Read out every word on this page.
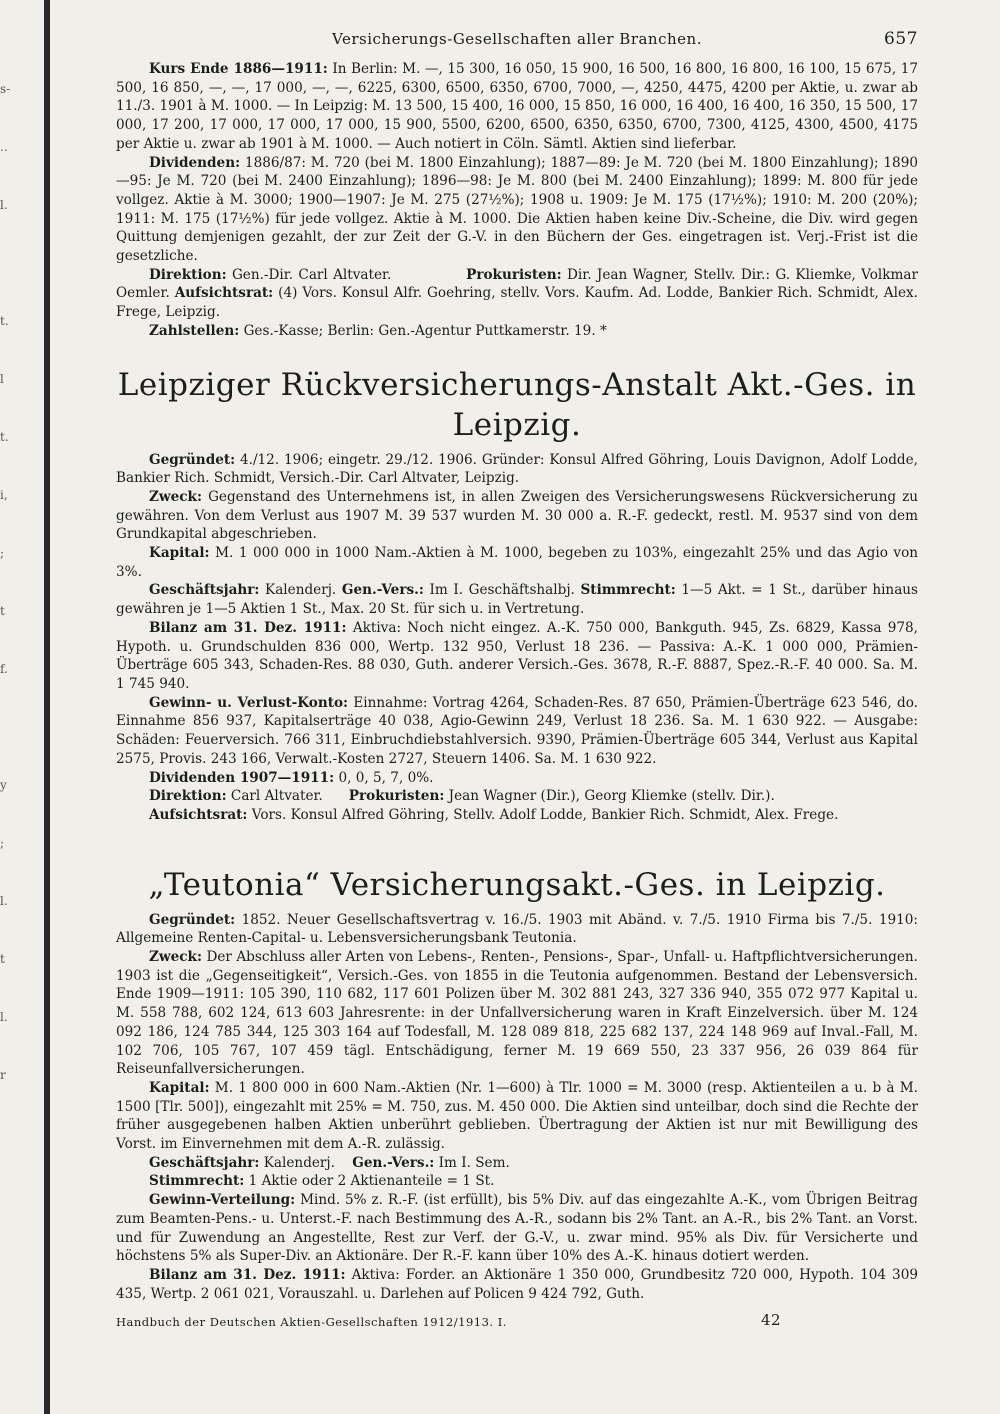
s-
..
l.

t.
l
t.
i,
;
t
f.

y
;
l.
t
l.
r

Versicherungs-Gesellschaften aller Branchen.	657

Kurs Ende 1886—1911: In Berlin: M. —, 15 300, 16 050, 15 900, 16 500, 16 800, 16 800, 16 100, 15 675, 17 500, 16 850, —, —, 17 000, —, —, 6225, 6300, 6500, 6350, 6700, 7000, —, 4250, 4475, 4200 per Aktie, u. zwar ab 11./3. 1901 à M. 1000. — In Leipzig: M. 13 500, 15 400, 16 000, 15 850, 16 000, 16 400, 16 400, 16 350, 15 500, 17 000, 17 200, 17 000, 17 000, 17 000, 15 900, 5500, 6200, 6500, 6350, 6350, 6700, 7300, 4125, 4300, 4500, 4175 per Aktie u. zwar ab 1901 à M. 1000. — Auch notiert in Cöln. Sämtl. Aktien sind lieferbar.

Dividenden: 1886/87: M. 720 (bei M. 1800 Einzahlung); 1887—89: Je M. 720 (bei M. 1800 Einzahlung); 1890—95: Je M. 720 (bei M. 2400 Einzahlung); 1896—98: Je M. 800 (bei M. 2400 Einzahlung); 1899: M. 800 für jede vollgez. Aktie à M. 3000; 1900—1907: Je M. 275 (27½%); 1908 u. 1909: Je M. 175 (17½%); 1910: M. 200 (20%); 1911: M. 175 (17½%) für jede vollgez. Aktie à M. 1000. Die Aktien haben keine Div.-Scheine, die Div. wird gegen Quittung demjenigen gezahlt, der zur Zeit der G.-V. in den Büchern der Ges. eingetragen ist. Verj.-Frist ist die gesetzliche.

Direktion: Gen.-Dir. Carl Altvater.	Prokuristen: Dir. Jean Wagner, Stellv. Dir.: G. Kliemke, Volkmar Oemler. Aufsichtsrat: (4) Vors. Konsul Alfr. Goehring, stellv. Vors. Kaufm. Ad. Lodde, Bankier Rich. Schmidt, Alex. Frege, Leipzig.

Zahlstellen: Ges.-Kasse; Berlin: Gen.-Agentur Puttkamerstr. 19. *

Leipziger Rückversicherungs-Anstalt Akt.-Ges. in Leipzig.

Gegründet: 4./12. 1906; eingetr. 29./12. 1906. Gründer: Konsul Alfred Göhring, Louis Davignon, Adolf Lodde, Bankier Rich. Schmidt, Versich.-Dir. Carl Altvater, Leipzig.

Zweck: Gegenstand des Unternehmens ist, in allen Zweigen des Versicherungswesens Rückversicherung zu gewähren. Von dem Verlust aus 1907 M. 39 537 wurden M. 30 000 a. R.-F. gedeckt, restl. M. 9537 sind von dem Grundkapital abgeschrieben.

Kapital: M. 1 000 000 in 1000 Nam.-Aktien à M. 1000, begeben zu 103%, eingezahlt 25% und das Agio von 3%.

Geschäftsjahr: Kalenderj. Gen.-Vers.: Im I. Geschäftshalbj. Stimmrecht: 1—5 Akt. = 1 St., darüber hinaus gewähren je 1—5 Aktien 1 St., Max. 20 St. für sich u. in Vertretung.

Bilanz am 31. Dez. 1911: Aktiva: Noch nicht eingez. A.-K. 750 000, Bankguth. 945, Zs. 6829, Kassa 978, Hypoth. u. Grundschulden 836 000, Wertp. 132 950, Verlust 18 236. — Passiva: A.-K. 1 000 000, Prämien-Überträge 605 343, Schaden-Res. 88 030, Guth. anderer Versich.-Ges. 3678, R.-F. 8887, Spez.-R.-F. 40 000. Sa. M. 1 745 940.

Gewinn- u. Verlust-Konto: Einnahme: Vortrag 4264, Schaden-Res. 87 650, Prämien-Überträge 623 546, do. Einnahme 856 937, Kapitalserträge 40 038, Agio-Gewinn 249, Verlust 18 236. Sa. M. 1 630 922. — Ausgabe: Schäden: Feuerversich. 766 311, Einbruchdiebstahlversich. 9390, Prämien-Überträge 605 344, Verlust aus Kapital 2575, Provis. 243 166, Verwalt.-Kosten 2727, Steuern 1406. Sa. M. 1 630 922.

Dividenden 1907—1911: 0, 0, 5, 7, 0%.

Direktion: Carl Altvater. Prokuristen: Jean Wagner (Dir.), Georg Kliemke (stellv. Dir.).

Aufsichtsrat: Vors. Konsul Alfred Göhring, Stellv. Adolf Lodde, Bankier Rich. Schmidt, Alex. Frege.

„Teutonia“ Versicherungsakt.-Ges. in Leipzig.

Gegründet: 1852. Neuer Gesellschaftsvertrag v. 16./5. 1903 mit Abänd. v. 7./5. 1910 Firma bis 7./5. 1910: Allgemeine Renten-Capital- u. Lebensversicherungsbank Teutonia.

Zweck: Der Abschluss aller Arten von Lebens-, Renten-, Pensions-, Spar-, Unfall- u. Haftpflichtversicherungen. 1903 ist die „Gegenseitigkeit“, Versich.-Ges. von 1855 in die Teutonia aufgenommen. Bestand der Lebensversich. Ende 1909—1911: 105 390, 110 682, 117 601 Polizen über M. 302 881 243, 327 336 940, 355 072 977 Kapital u. M. 558 788, 602 124, 613 603 Jahresrente: in der Unfallversicherung waren in Kraft Einzelversich. über M. 124 092 186, 124 785 344, 125 303 164 auf Todesfall, M. 128 089 818, 225 682 137, 224 148 969 auf Inval.-Fall, M. 102 706, 105 767, 107 459 tägl. Entschädigung, ferner M. 19 669 550, 23 337 956, 26 039 864 für Reiseunfallversicherungen.

Kapital: M. 1 800 000 in 600 Nam.-Aktien (Nr. 1—600) à Tlr. 1000 = M. 3000 (resp. Aktienteilen a u. b à M. 1500 [Tlr. 500]), eingezahlt mit 25% = M. 750, zus. M. 450 000. Die Aktien sind unteilbar, doch sind die Rechte der früher ausgegebenen halben Aktien unberührt geblieben. Übertragung der Aktien ist nur mit Bewilligung des Vorst. im Einvernehmen mit dem A.-R. zulässig.

Geschäftsjahr: Kalenderj. Gen.-Vers.: Im I. Sem.

Stimmrecht: 1 Aktie oder 2 Aktienanteile = 1 St.

Gewinn-Verteilung: Mind. 5% z. R.-F. (ist erfüllt), bis 5% Div. auf das eingezahlte A.-K., vom Übrigen Beitrag zum Beamten-Pens.- u. Unterst.-F. nach Bestimmung des A.-R., sodann bis 2% Tant. an A.-R., bis 2% Tant. an Vorst. und für Zuwendung an Angestellte, Rest zur Verf. der G.-V., u. zwar mind. 95% als Div. für Versicherte und höchstens 5% als Super-Div. an Aktionäre. Der R.-F. kann über 10% des A.-K. hinaus dotiert werden.

Bilanz am 31. Dez. 1911: Aktiva: Forder. an Aktionäre 1 350 000, Grundbesitz 720 000, Hypoth. 104 309 435, Wertp. 2 061 021, Vorauszahl. u. Darlehen auf Policen 9 424 792, Guth.

Handbuch der Deutschen Aktien-Gesellschaften 1912/1913. I.	42
